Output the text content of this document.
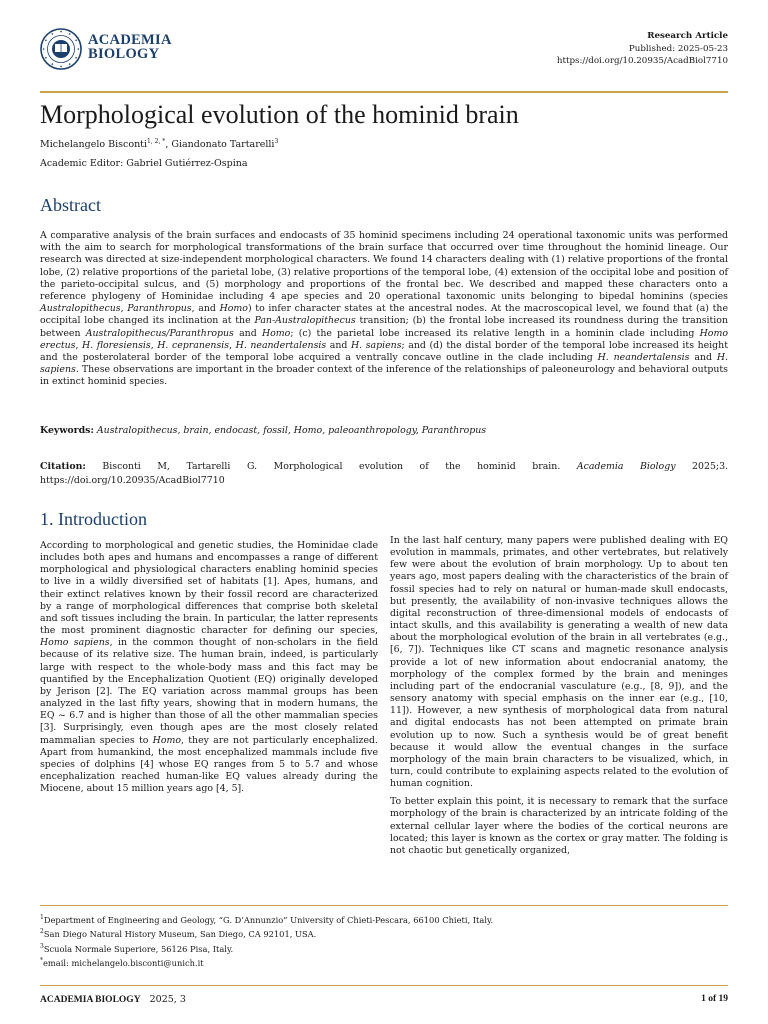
ACADEMIA
BIOLOGY
Research Article
Published: 2025-05-23
https://doi.org/10.20935/AcadBiol7710
Morphological evolution of the hominid brain
Michelangelo Bisconti$^{1, 2, *}$, Giandonato Tartarelli$^3$
Academic Editor: Gabriel Gutiérrez-Ospina
Abstract
A comparative analysis of the brain surfaces and endocasts of 35 hominid specimens including 24 operational taxonomic units was performed with the aim to search for morphological transformations of the brain surface that occurred over time throughout the hominid lineage. Our research was directed at size-independent morphological characters. We found 14 characters dealing with (1) relative proportions of the frontal lobe, (2) relative proportions of the parietal lobe, (3) relative proportions of the temporal lobe, (4) extension of the occipital lobe and position of the parieto-occipital sulcus, and (5) morphology and proportions of the frontal bec. We described and mapped these characters onto a reference phylogeny of Hominidae including 4 ape species and 20 operational taxonomic units belonging to bipedal hominins (species Australopithecus, Paranthropus, and Homo) to infer character states at the ancestral nodes. At the macroscopical level, we found that (a) the occipital lobe changed its inclination at the Pan-Australopithecus transition; (b) the frontal lobe increased its roundness during the transition between Australopithecus/Paranthropus and Homo; (c) the parietal lobe increased its relative length in a hominin clade including Homo erectus, H. floresiensis, H. cepranensis, H. neandertalensis and H. sapiens; and (d) the distal border of the temporal lobe increased its height and the posterolateral border of the temporal lobe acquired a ventrally concave outline in the clade including H. neandertalensis and H. sapiens. These observations are important in the broader context of the inference of the relationships of paleoneurology and behavioral outputs in extinct hominid species.
Keywords: Australopithecus, brain, endocast, fossil, Homo, paleoanthropology, Paranthropus
Citation: Bisconti M, Tartarelli G. Morphological evolution of the hominid brain. Academia Biology 2025;3. https://doi.org/10.20935/AcadBiol7710
1. Introduction

According to morphological and genetic studies, the Hominidae clade includes both apes and humans and encompasses a range of different morphological and physiological characters enabling hominid species to live in a wildly diversified set of habitats [1]. Apes, humans, and their extinct relatives known by their fossil record are characterized by a range of morphological differences that comprise both skeletal and soft tissues including the brain. In particular, the latter represents the most prominent diagnostic character for defining our species, Homo sapiens, in the common thought of non-scholars in the field because of its relative size. The human brain, indeed, is particularly large with respect to the whole-body mass and this fact may be quantified by the Encephalization Quotient (EQ) originally developed by Jerison [2]. The EQ variation across mammal groups has been analyzed in the last fifty years, showing that in modern humans, the EQ ~ 6.7 and is higher than those of all the other mammalian species [3]. Surprisingly, even though apes are the most closely related mammalian species to Homo, they are not particularly encephalized. Apart from humankind, the most encephalized mammals include five species of dolphins [4] whose EQ ranges from 5 to 5.7 and whose encephalization reached human-like EQ values already during the Miocene, about 15 million years ago [4, 5].

In the last half century, many papers were published dealing with EQ evolution in mammals, primates, and other vertebrates, but relatively few were about the evolution of brain morphology. Up to about ten years ago, most papers dealing with the characteristics of the brain of fossil species had to rely on natural or human-made skull endocasts, but presently, the availability of non-invasive techniques allows the digital reconstruction of three-dimensional models of endocasts of intact skulls, and this availability is generating a wealth of new data about the morphological evolution of the brain in all vertebrates (e.g., [6, 7]). Techniques like CT scans and magnetic resonance analysis provide a lot of new information about endocranial anatomy, the morphology of the complex formed by the brain and meninges including part of the endocranial vasculature (e.g., [8, 9]), and the sensory anatomy with special emphasis on the inner ear (e.g., [10, 11]). However, a new synthesis of morphological data from natural and digital endocasts has not been attempted on primate brain evolution up to now. Such a synthesis would be of great benefit because it would allow the eventual changes in the surface morphology of the main brain characters to be visualized, which, in turn, could contribute to explaining aspects related to the evolution of human cognition.

To better explain this point, it is necessary to remark that the surface morphology of the brain is characterized by an intricate folding of the external cellular layer where the bodies of the cortical neurons are located; this layer is known as the cortex or gray matter. The folding is not chaotic but genetically organized,

$^1$Department of Engineering and Geology, “G. D’Annunzio” University of Chieti-Pescara, 66100 Chieti, Italy.
$^2$San Diego Natural History Museum, San Diego, CA 92101, USA.
$^3$Scuola Normale Superiore, 56126 Pisa, Italy.
*email: michelangelo.bisconti@unich.it
ACADEMIA BIOLOGY 2025, 3	1 of 19
